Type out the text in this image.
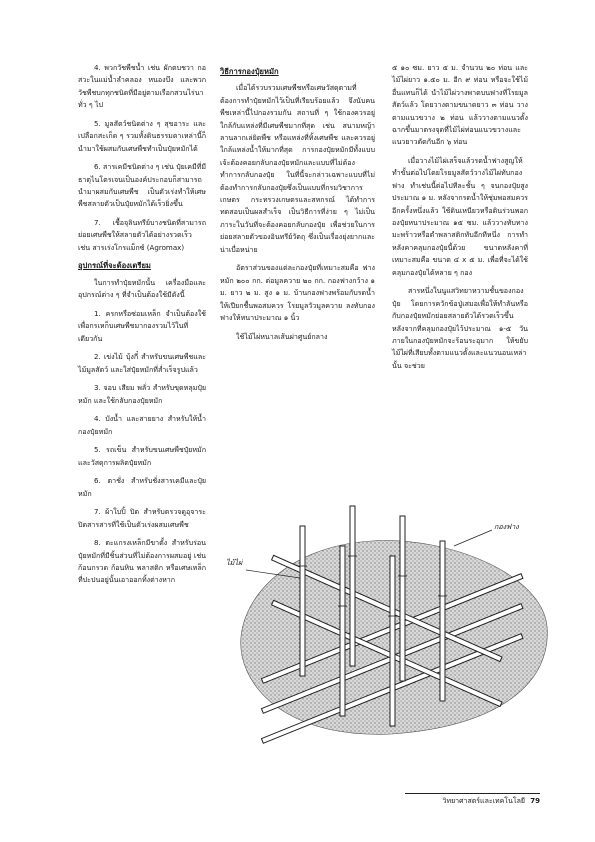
4. พวกวัชพืชน้ำ เช่น ผักตบชวา กอสวะในแม่น้ำลำคลอง หนองบึง และพวกวัชพืชบกทุกชนิดที่มีอยู่ตามเรือกสวนไร่นาทั่ว ๆ ไป

5. มูลสัตว์ชนิดต่าง ๆ สุขอาระ และเปลือกสะเก็ด ๆ รวมทั้งดินธรรมดาเหล่านี้ก็นำมาใช้ผสมกับเศษพืชทำเป็นปุ๋ยหมักได้

6. สารเคมีชนิดต่าง ๆ เช่น ปุ๋ยเคมีที่มีธาตุไนโตรเจนเป็นองค์ประกอบก็สามารถนำมาผสมกับเศษพืช เป็นตัวเร่งทำให้เศษพืชสลายตัวเป็นปุ๋ยหมักได้เร็วยิ่งขึ้น

7. เชื้อจุลินทรีย์บางชนิดที่สามารถย่อยเศษพืชให้สลายตัวได้อย่างรวดเร็ว เช่น สารเร่งโกรแม็กซ์ (Agromax)

อุปกรณ์ที่จะต้องเตรียม

ในการทำปุ๋ยหมักนั้น เครื่องมือและอุปกรณ์ต่าง ๆ ที่จำเป็นต้องใช้มีดังนี้

1. ครกหรือซ่อมเหล็ก จำเป็นต้องใช้เพื่อกรเหก็บเศษพืชมากองรวมไว้ในที่เดียวกัน

2. เข่งไม้ บุ้งกี๋ สำหรับขนเศษพืชและไม้มูลสัตว์ และใส่ปุ๋ยหมักที่ส่ำเร็จรูปแล้ว

3. จอบ เสียม พลั่ว สำหรับขุดหลุมปุ๋ยหมัก และใช้กลับกองปุ๋ยหมัก

4. บังน้ำ และสายยาง สำหรับให้น้ำกองปุ๋ยหมัก

5. รถเข็น สำหรับขนเศษพืชปุ๋ยหมักและวัสดุการผลิตปุ๋ยหมัก

6. ตาชั่ง สำหรับชั่งสารเคมีและปุ๋ยหมัก

7. ผ้าใบปิ้ ปิด สำหรับตรวจดูอุจาระปิดสารสารที่ใช้เป็นตัวเร่งผสมเศษพืช

8. ตะแกรงเหล็กมีขาตั้ง สำหรับร่อนปุ๋ยหมักที่มีชิ้นส่วนที่ไม่ต้องการผสมอยู่ เช่น ก้อนกรวด ก้อนหิน พลาสติก หรือเศษเหล็กที่ปะปนอยู่นั้นเอาออกทิ้งต่างหาก

วิธีการกองปุ๋ยหมัก

เมื่อได้รวบรวมเศษพืชหรือเศษวัสดุตามที่ต้องการทำปุ๋ยหมักไว้เป็นที่เรียบร้อยแล้ว จึงนับคนพืชเหล่านี้ไปกองรวมกัน สถานที่ ๆ ใช้กองควรอยู่ใกล้กับแหล่งที่มีเศษพืชมากที่สุด เช่น สนามหญ้า ลานลากเล่ยิดพืช หรือแหล่งที่ทิ้งเศษพืช และควรอยู่ใกล้แหล่งน้ำให้มากที่สุด การกองปุ๋ยหมักมีทั้งแบบเจ้ะต้องคอยกลับกองปุ๋ยหมักและแบบที่ไม่ต้องทำการกลับกองปุ๋ย ในที่นี้จะกล่าวเฉพาะแบบที่ไม่ต้องทำการกลับกองปุ๋ยซึ่งเป็นแบบที่กรมวิชาการเกษตร กระทรวงเกษตรและสหกรณ์ ได้ทำการทดสอบเป็นผลสำเร็จ เป็นวิธีการที่ง่าย ๆ ไม่เป็นภาระในวันที่จะต้องคอยกลับกองปุ๋ย เพื่อช่วยในการย่อยสลายตัวของอินทรีย์วัตถุ ซึ่งเป็นเรื่องยุ่งยากและน่าเบื่อหน่าย

อัตราส่วนของแต่ละกองปุ๋ยที่เหมาะสมคือ ฟางหมัก ๒๐๐ กก. ต่อมูลควาย ๒๐ กก. กองฟางกว้าง ๑ ม. ยาว ๒ ม. สูง ๑ ม. บ้านกองฟางพร้อมกับรดน้ำให้เปียกชื้นพอสมควร โรยมูลวัวมูลควาย ลงทับกองฟางให้หนาประมาณ ๑ นิ้ว

ใช้ไม้ไผ่หนาลเส้นผ่าศูนย์กลาง

๕ ๑๐ ซม. ยาว ๕ ม. จำนวน ๒๐ ท่อน และไม้ไผ่ยาว ๑.๕๐ ม. อีก ๙ ท่อน หรือจะใช้ไม้อื่นแทนก็ได้ นำไม้ไผ่วางพาดบนฟางที่โรยมูลสัตว์แล้ว โดยวางตามขนาดยาว ๓ ท่อน วางตามแนวขวาง ๒ ท่อน แล้ววางตามแนวตั้งฉากขึ้นมาตรงจุดที่ไม้ไผ่ท่อนแนวขวางและแนวยาวตัดกันอีก ๖ ท่อน

เมื่อวางไม้ไผ่เสร็จแล้วรดน้ำฟางสูญให้ทำขั้นต่อไปโดยโรยมูลสัตว์วางไม้ไผ่ทับกองฟาง ทำเช่นนี้ต่อไปทีละชั้น ๆ จนกองปุ๋ยสูงประมาณ ๑ ม. หลังจากรดน้ำให้ชุ่มพอสมควรอีกครั้งหนึ่งแล้ว ใช้ดินเหนียวหรือดินร่วนพอกองปุ๋ยหนาประมาณ ๑๕ ซม. แล้ววางทับทางมะพร้าวหรือตำพลาสติกทับอีกทีหนึ่ง การทำหลังคาคลุมกองปุ๋ยนี้ด้วย ขนาดหลังคาที่เหมาะสมคือ ขนาด ๔ x ๕ ม. เพื่อที่จะได้ใช้คลุมกองปุ๋ยได้หลาย ๆ กอง

สารหนึ่งในนูแสวิทยาหวามชั้นของกองปุ๋ย โดยการควักข้อปู่เสมอเพื่อให้ทำลันหรือกับกองปุ๋ยหมักย่อยสลายตัวได้รวดเร็วขึ้น หลังจากที่คลุมกองปุ๋ยไว้ประมาณ ๑-๕ วัน ภายในกองปุ๋ยหมักจะร้อนระอุมาก ให้ขยับไม้ไผ่ที่เสียบทั้งตามแนวตั้งและแนวนอนเหล่านั้น จะช่วย

ไม้ไผ่
กองฟาง
วิทยาศาสตร์และเทคโนโลยี 79
